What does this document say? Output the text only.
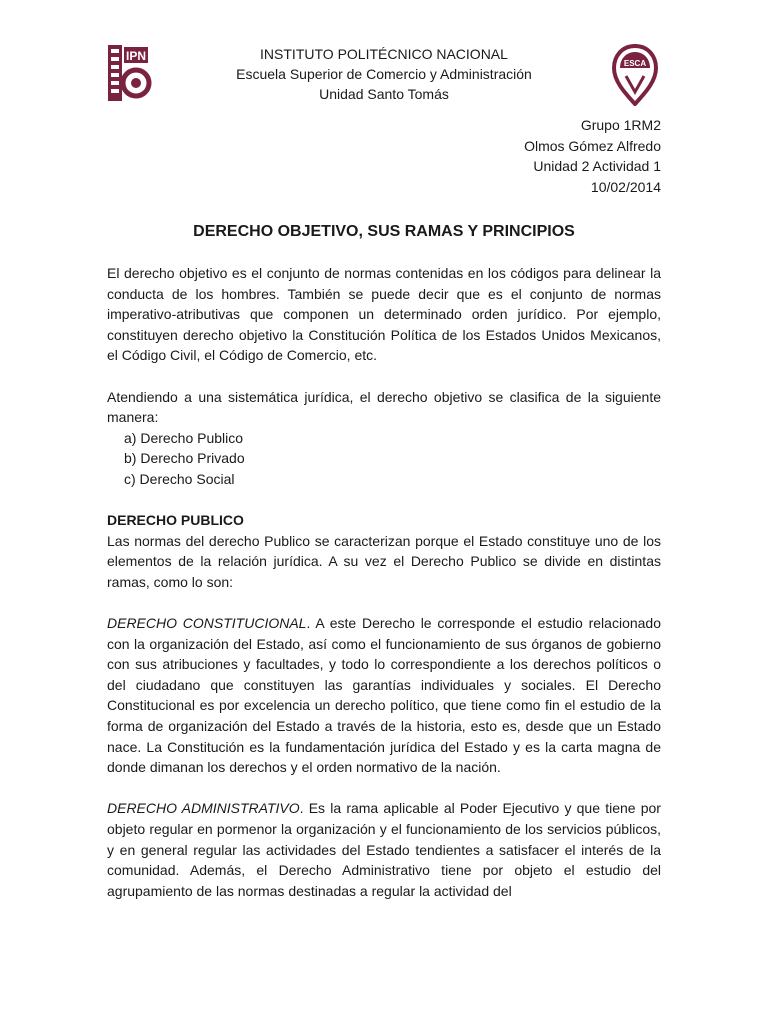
IPN	INSTITUTO POLITÉCNICO NACIONAL
Escuela Superior de Comercio y Administración
Unidad Santo Tomás
ESCA
Grupo 1RM2
Olmos Gómez Alfredo
Unidad 2 Actividad 1
10/02/2014
DERECHO OBJETIVO, SUS RAMAS Y PRINCIPIOS

El derecho objetivo es el conjunto de normas contenidas en los códigos para delinear la conducta de los hombres. También se puede decir que es el conjunto de normas imperativo-atributivas que componen un determinado orden jurídico. Por ejemplo, constituyen derecho objetivo la Constitución Política de los Estados Unidos Mexicanos, el Código Civil, el Código de Comercio, etc.

Atendiendo a una sistemática jurídica, el derecho objetivo se clasifica de la siguiente manera:

a) Derecho Publico
b) Derecho Privado
c) Derecho Social

DERECHO PUBLICO

Las normas del derecho Publico se caracterizan porque el Estado constituye uno de los elementos de la relación jurídica. A su vez el Derecho Publico se divide en distintas ramas, como lo son:

DERECHO CONSTITUCIONAL. A este Derecho le corresponde el estudio relacionado con la organización del Estado, así como el funcionamiento de sus órganos de gobierno con sus atribuciones y facultades, y todo lo correspondiente a los derechos políticos o del ciudadano que constituyen las garantías individuales y sociales. El Derecho Constitucional es por excelencia un derecho político, que tiene como fin el estudio de la forma de organización del Estado a través de la historia, esto es, desde que un Estado nace. La Constitución es la fundamentación jurídica del Estado y es la carta magna de donde dimanan los derechos y el orden normativo de la nación.

DERECHO ADMINISTRATIVO. Es la rama aplicable al Poder Ejecutivo y que tiene por objeto regular en pormenor la organización y el funcionamiento de los servicios públicos, y en general regular las actividades del Estado tendientes a satisfacer el interés de la comunidad. Además, el Derecho Administrativo tiene por objeto el estudio del agrupamiento de las normas destinadas a regular la actividad del
